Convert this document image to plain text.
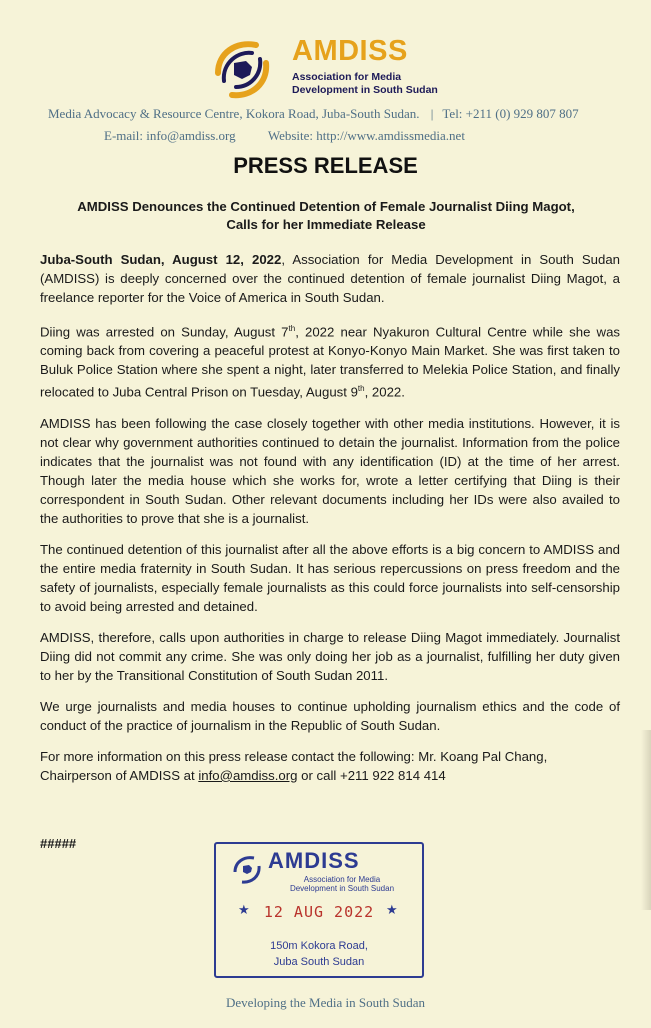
AMDISS
Association for Media
Development in South Sudan
Media Advocacy & Resource Centre, Kokora Road, Juba-South Sudan. | Tel: +211 (0) 929 807 807
E-mail: info@amdiss.org Website: http://www.amdissmedia.net
PRESS RELEASE
AMDISS Denounces the Continued Detention of Female Journalist Diing Magot,
Calls for her Immediate Release

Juba-South Sudan, August 12, 2022, Association for Media Development in South Sudan (AMDISS) is deeply concerned over the continued detention of female journalist Diing Magot, a freelance reporter for the Voice of America in South Sudan.

Diing was arrested on Sunday, August 7th, 2022 near Nyakuron Cultural Centre while she was coming back from covering a peaceful protest at Konyo-Konyo Main Market. She was first taken to Buluk Police Station where she spent a night, later transferred to Melekia Police Station, and finally relocated to Juba Central Prison on Tuesday, August 9th, 2022.

AMDISS has been following the case closely together with other media institutions. However, it is not clear why government authorities continued to detain the journalist. Information from the police indicates that the journalist was not found with any identification (ID) at the time of her arrest. Though later the media house which she works for, wrote a letter certifying that Diing is their correspondent in South Sudan. Other relevant documents including her IDs were also availed to the authorities to prove that she is a journalist.

The continued detention of this journalist after all the above efforts is a big concern to AMDISS and the entire media fraternity in South Sudan. It has serious repercussions on press freedom and the safety of journalists, especially female journalists as this could force journalists into self-censorship to avoid being arrested and detained.

AMDISS, therefore, calls upon authorities in charge to release Diing Magot immediately. Journalist Diing did not commit any crime. She was only doing her job as a journalist, fulfilling her duty given to her by the Transitional Constitution of South Sudan 2011.

We urge journalists and media houses to continue upholding journalism ethics and the code of conduct of the practice of journalism in the Republic of South Sudan.

For more information on this press release contact the following: Mr. Koang Pal Chang, Chairperson of AMDISS at info@amdiss.org or call +211 922 814 414

#####
AMDISS
Association for Media
Development in South Sudan
★ 12 AUG 2022 ★
150m Kokora Road,
Juba South Sudan
Developing the Media in South Sudan
